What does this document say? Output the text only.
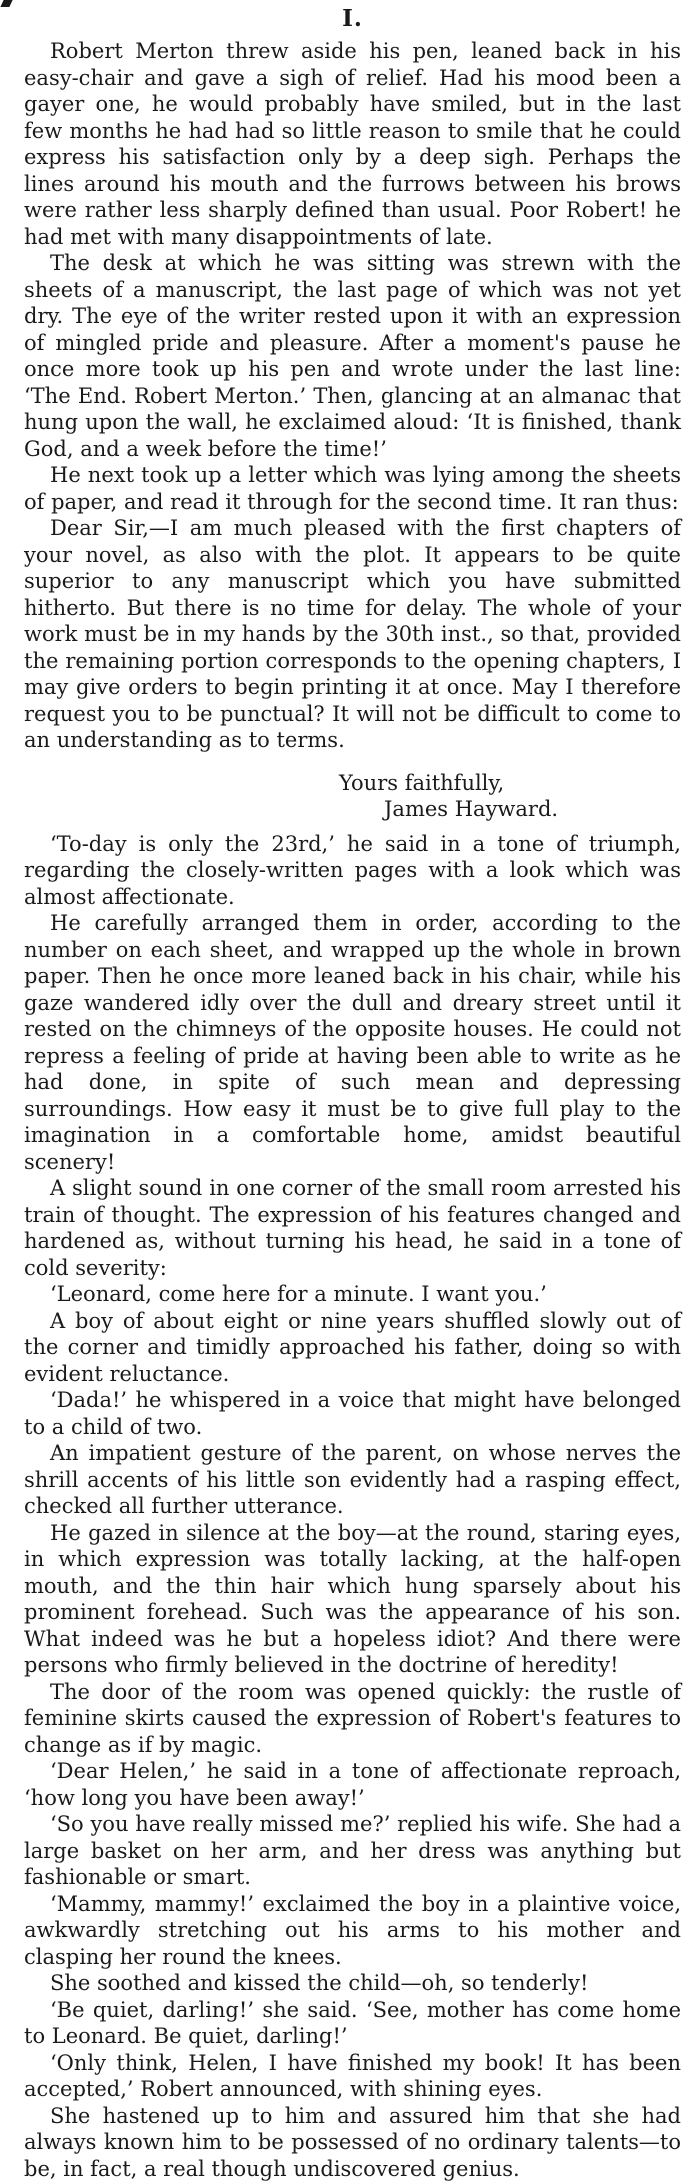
I.

Robert Merton threw aside his pen, leaned back in his easy-chair and gave a sigh of relief. Had his mood been a gayer one, he would probably have smiled, but in the last few months he had had so little reason to smile that he could express his satisfaction only by a deep sigh. Perhaps the lines around his mouth and the furrows between his brows were rather less sharply defined than usual. Poor Robert! he had met with many disappointments of late.

The desk at which he was sitting was strewn with the sheets of a manuscript, the last page of which was not yet dry. The eye of the writer rested upon it with an expression of mingled pride and pleasure. After a moment's pause he once more took up his pen and wrote under the last line: ‘The End. Robert Merton.’ Then, glancing at an almanac that hung upon the wall, he exclaimed aloud: ‘It is finished, thank God, and a week before the time!’

He next took up a letter which was lying among the sheets of paper, and read it through for the second time. It ran thus:

Dear Sir,—I am much pleased with the first chapters of your novel, as also with the plot. It appears to be quite superior to any manuscript which you have submitted hitherto. But there is no time for delay. The whole of your work must be in my hands by the 30th inst., so that, provided the remaining portion corresponds to the opening chapters, I may give orders to begin printing it at once. May I therefore request you to be punctual? It will not be difficult to come to an understanding as to terms.

Yours faithfully,

James Hayward.

‘To-day is only the 23rd,’ he said in a tone of triumph, regarding the closely-written pages with a look which was almost affectionate.

He carefully arranged them in order, according to the number on each sheet, and wrapped up the whole in brown paper. Then he once more leaned back in his chair, while his gaze wandered idly over the dull and dreary street until it rested on the chimneys of the opposite houses. He could not repress a feeling of pride at having been able to write as he had done, in spite of such mean and depressing surroundings. How easy it must be to give full play to the imagination in a comfortable home, amidst beautiful scenery!

A slight sound in one corner of the small room arrested his train of thought. The expression of his features changed and hardened as, without turning his head, he said in a tone of cold severity:

‘Leonard, come here for a minute. I want you.’

A boy of about eight or nine years shuffled slowly out of the corner and timidly approached his father, doing so with evident reluctance.

‘Dada!’ he whispered in a voice that might have belonged to a child of two.

An impatient gesture of the parent, on whose nerves the shrill accents of his little son evidently had a rasping effect, checked all further utterance.

He gazed in silence at the boy—at the round, staring eyes, in which expression was totally lacking, at the half-open mouth, and the thin hair which hung sparsely about his prominent forehead. Such was the appearance of his son. What indeed was he but a hopeless idiot? And there were persons who firmly believed in the doctrine of heredity!

The door of the room was opened quickly: the rustle of feminine skirts caused the expression of Robert's features to change as if by magic.

‘Dear Helen,’ he said in a tone of affectionate reproach, ‘how long you have been away!’

‘So you have really missed me?’ replied his wife. She had a large basket on her arm, and her dress was anything but fashionable or smart.

‘Mammy, mammy!’ exclaimed the boy in a plaintive voice, awkwardly stretching out his arms to his mother and clasping her round the knees.

She soothed and kissed the child—oh, so tenderly!

‘Be quiet, darling!’ she said. ‘See, mother has come home to Leonard. Be quiet, darling!’

‘Only think, Helen, I have finished my book! It has been accepted,’ Robert announced, with shining eyes.

She hastened up to him and assured him that she had always known him to be possessed of no ordinary talents—to be, in fact, a real though undiscovered genius.
